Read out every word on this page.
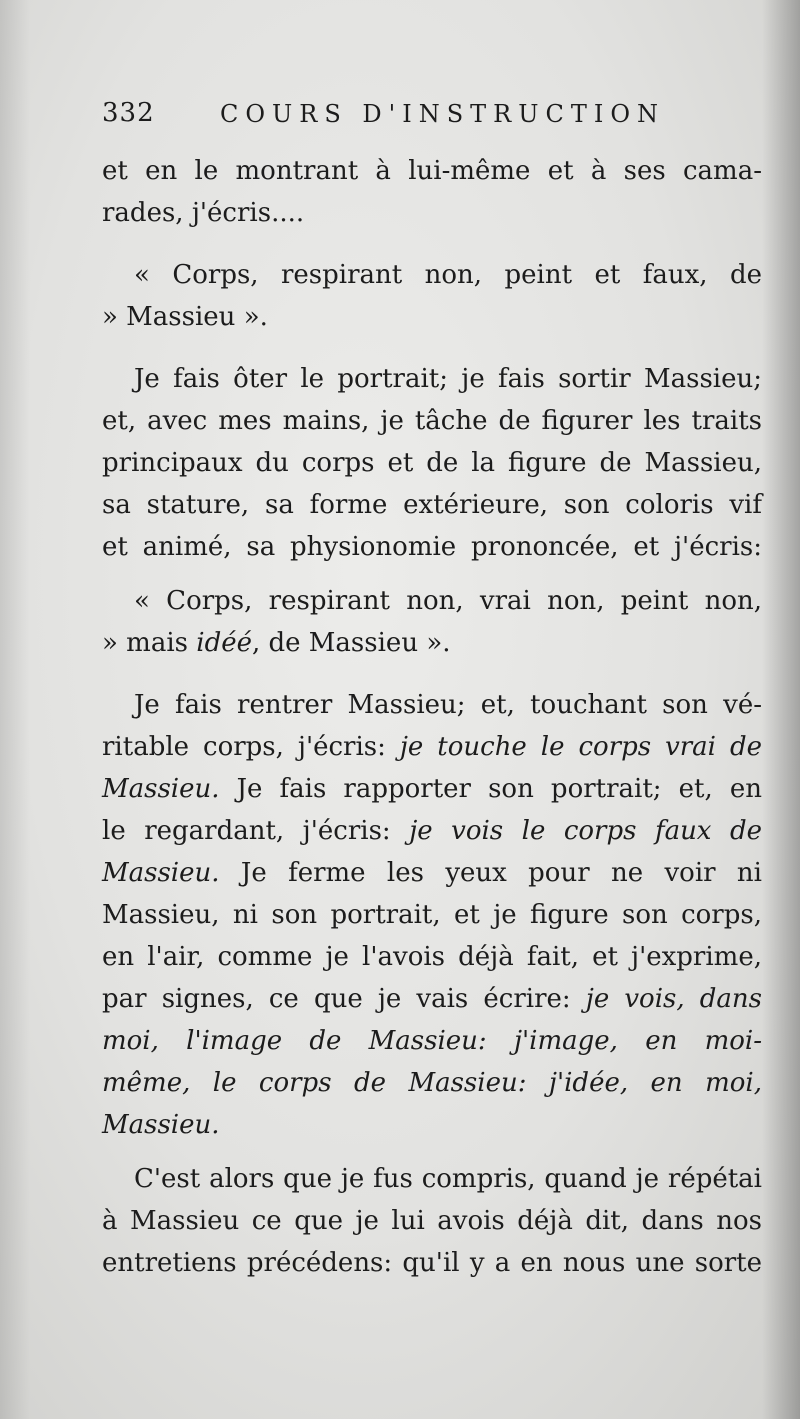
332	COURS D'INSTRUCTION

et en le montrant à lui-même et à ses cama-

rades, j'écris....

« Corps, respirant non, peint et faux, de

» Massieu ».

Je fais ôter le portrait; je fais sortir Massieu;

et, avec mes mains, je tâche de figurer les traits

principaux du corps et de la figure de Massieu,

sa stature, sa forme extérieure, son coloris vif

et animé, sa physionomie prononcée, et j'écris:

« Corps, respirant non, vrai non, peint non,

» mais idéé, de Massieu ».

Je fais rentrer Massieu; et, touchant son vé-

ritable corps, j'écris: je touche le corps vrai de

Massieu. Je fais rapporter son portrait; et, en

le regardant, j'écris: je vois le corps faux de

Massieu. Je ferme les yeux pour ne voir ni

Massieu, ni son portrait, et je figure son corps,

en l'air, comme je l'avois déjà fait, et j'exprime,

par signes, ce que je vais écrire: je vois, dans

moi, l'image de Massieu: j'image, en moi-

même, le corps de Massieu: j'idée, en moi,

Massieu.

C'est alors que je fus compris, quand je répétai

à Massieu ce que je lui avois déjà dit, dans nos

entretiens précédens: qu'il y a en nous une sorte
